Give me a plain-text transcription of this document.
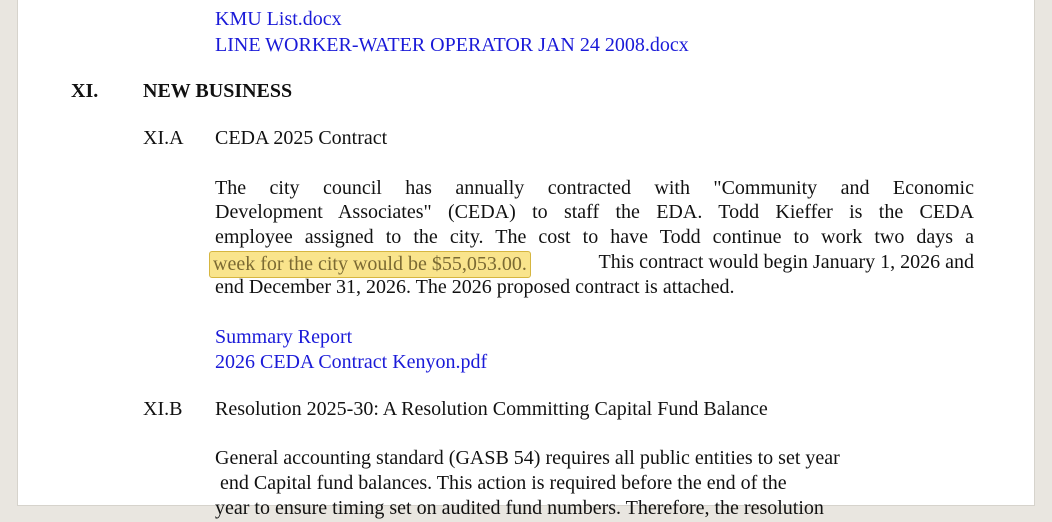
KMU List.docx
LINE WORKER-WATER OPERATOR JAN 24 2008.docx
XI. NEW BUSINESS
XI.A CEDA 2025 Contract
The city council has annually contracted with "Community and Economic
Development Associates" (CEDA) to staff the EDA. Todd Kieffer is the CEDA
employee assigned to the city. The cost to have Todd continue to work two days a
week for the city would be $55,053.00.	This contract would begin January 1, 2026 and
end December 31, 2026. The 2026 proposed contract is attached.
Summary Report
2026 CEDA Contract Kenyon.pdf
XI.B Resolution 2025-30: A Resolution Committing Capital Fund Balance
General accounting standard (GASB 54) requires all public entities to set year
end Capital fund balances. This action is required before the end of the
year to ensure timing set on audited fund numbers. Therefore, the resolution
